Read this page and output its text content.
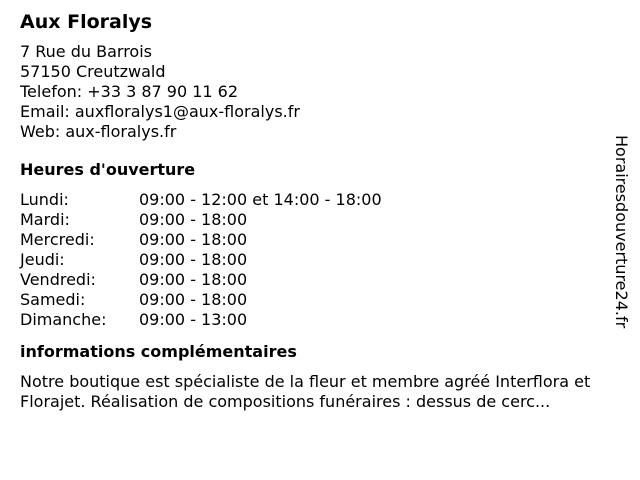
Aux Floralys
7 Rue du Barrois
57150 Creutzwald
Telefon: +33 3 87 90 11 62
Email: auxfloralys1@aux-floralys.fr
Web: aux-floralys.fr
Heures d'ouverture
Lundi:	09:00 - 12:00 et 14:00 - 18:00
Mardi:	09:00 - 18:00
Mercredi:	09:00 - 18:00
Jeudi:	09:00 - 18:00
Vendredi:	09:00 - 18:00
Samedi:	09:00 - 18:00
Dimanche:	09:00 - 13:00
informations complémentaires
Notre boutique est spécialiste de la fleur et membre agréé Interflora et Florajet. Réalisation de compositions funéraires : dessus de cerc...
Horairesdouverture24.fr
